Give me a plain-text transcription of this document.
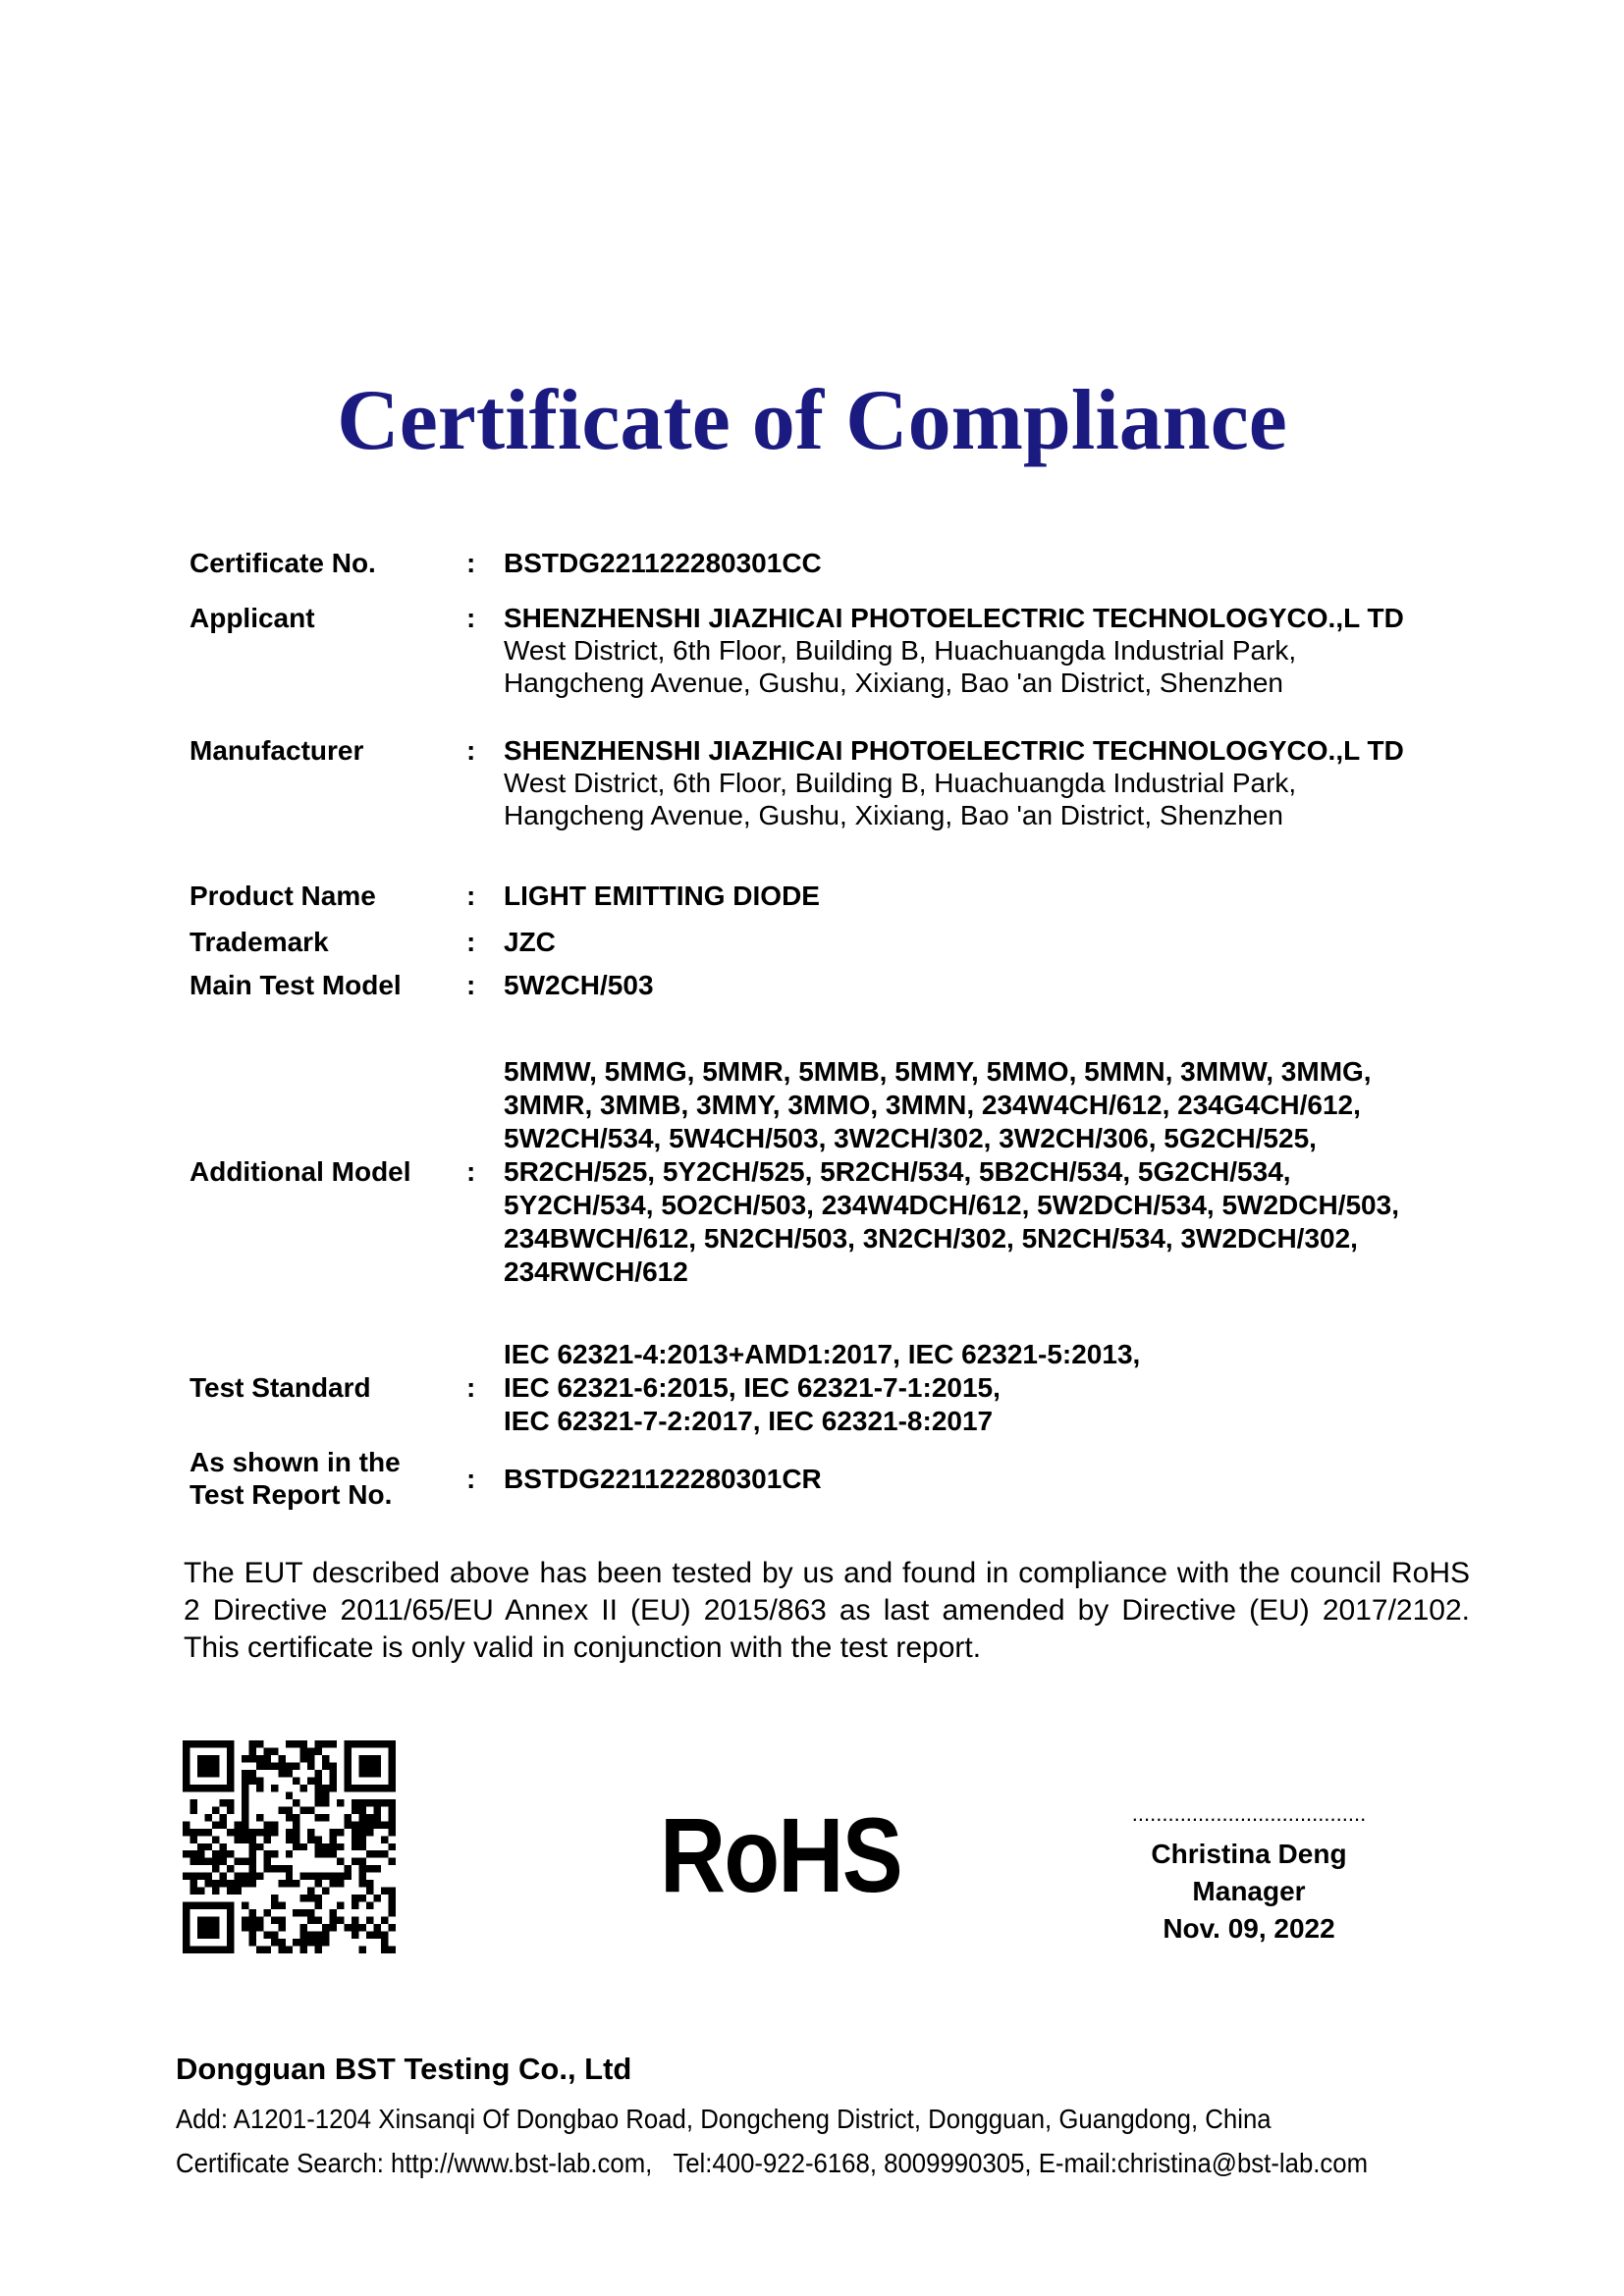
Certificate of Compliance
Certificate No.	:	BSTDG221122280301CC
Applicant	:	SHENZHENSHI JIAZHICAI PHOTOELECTRIC TECHNOLOGYCO.,L TD
West District, 6th Floor, Building B, Huachuangda Industrial Park,
Hangcheng Avenue, Gushu, Xixiang, Bao 'an District, Shenzhen
Manufacturer	:	SHENZHENSHI JIAZHICAI PHOTOELECTRIC TECHNOLOGYCO.,L TD
West District, 6th Floor, Building B, Huachuangda Industrial Park,
Hangcheng Avenue, Gushu, Xixiang, Bao 'an District, Shenzhen
Product Name	:	LIGHT EMITTING DIODE
Trademark	:	JZC
Main Test Model	:	5W2CH/503
Additional Model	:
5MMW, 5MMG, 5MMR, 5MMB, 5MMY, 5MMO, 5MMN, 3MMW, 3MMG,
3MMR, 3MMB, 3MMY, 3MMO, 3MMN, 234W4CH/612, 234G4CH/612,
5W2CH/534, 5W4CH/503, 3W2CH/302, 3W2CH/306, 5G2CH/525,
5R2CH/525, 5Y2CH/525, 5R2CH/534, 5B2CH/534, 5G2CH/534,
5Y2CH/534, 5O2CH/503, 234W4DCH/612, 5W2DCH/534, 5W2DCH/503,
234BWCH/612, 5N2CH/503, 3N2CH/302, 5N2CH/534, 3W2DCH/302,
234RWCH/612
Test Standard	:
IEC 62321-4:2013+AMD1:2017, IEC 62321-5:2013,
IEC 62321-6:2015, IEC 62321-7-1:2015,
IEC 62321-7-2:2017, IEC 62321-8:2017
As shown in the
Test Report No.
:	BSTDG221122280301CR
The EUT described above has been tested by us and found in compliance with the council RoHS 2 Directive 2011/65/EU Annex II (EU) 2015/863 as last amended by Directive (EU) 2017/2102. This certificate is only valid in conjunction with the test report.
RoHS	.......................................
Christina Deng
Manager
Nov. 09, 2022
Dongguan BST Testing Co., Ltd
Add: A1201-1204 Xinsanqi Of Dongbao Road, Dongcheng District, Dongguan, Guangdong, China
Certificate Search: http://www.bst-lab.com,   Tel:400-922-6168, 8009990305, E-mail:christina@bst-lab.com
